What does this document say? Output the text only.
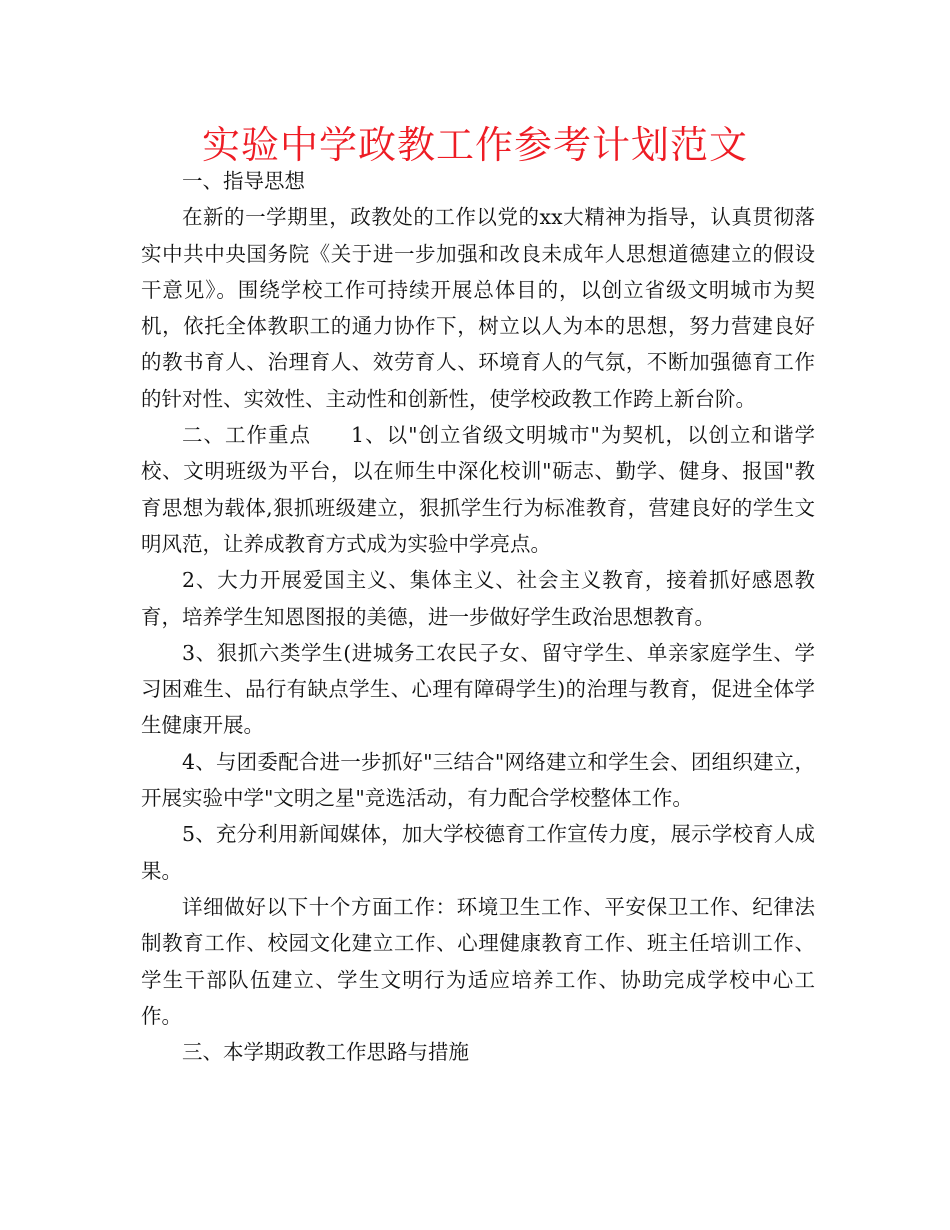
实验中学政教工作参考计划范文

一、指导思想

在新的一学期里，政教处的工作以党的xx大精神为指导，认真贯彻落实中共中央国务院《关于进一步加强和改良未成年人思想道德建立的假设干意见》。围绕学校工作可持续开展总体目的，以创立省级文明城市为契机，依托全体教职工的通力协作下，树立以人为本的思想，努力营建良好的教书育人、治理育人、效劳育人、环境育人的气氛，不断加强德育工作的针对性、实效性、主动性和创新性，使学校政教工作跨上新台阶。

二、工作重点 1、以"创立省级文明城市"为契机，以创立和谐学校、文明班级为平台，以在师生中深化校训"砺志、勤学、健身、报国"教育思想为载体,狠抓班级建立，狠抓学生行为标准教育，营建良好的学生文明风范，让养成教育方式成为实验中学亮点。

2、大力开展爱国主义、集体主义、社会主义教育，接着抓好感恩教育，培养学生知恩图报的美德，进一步做好学生政治思想教育。

3、狠抓六类学生(进城务工农民子女、留守学生、单亲家庭学生、学习困难生、品行有缺点学生、心理有障碍学生)的治理与教育，促进全体学生健康开展。

4、与团委配合进一步抓好"三结合"网络建立和学生会、团组织建立，开展实验中学"文明之星"竞选活动，有力配合学校整体工作。

5、充分利用新闻媒体，加大学校德育工作宣传力度，展示学校育人成果。

详细做好以下十个方面工作：环境卫生工作、平安保卫工作、纪律法制教育工作、校园文化建立工作、心理健康教育工作、班主任培训工作、学生干部队伍建立、学生文明行为适应培养工作、协助完成学校中心工作。

三、本学期政教工作思路与措施
